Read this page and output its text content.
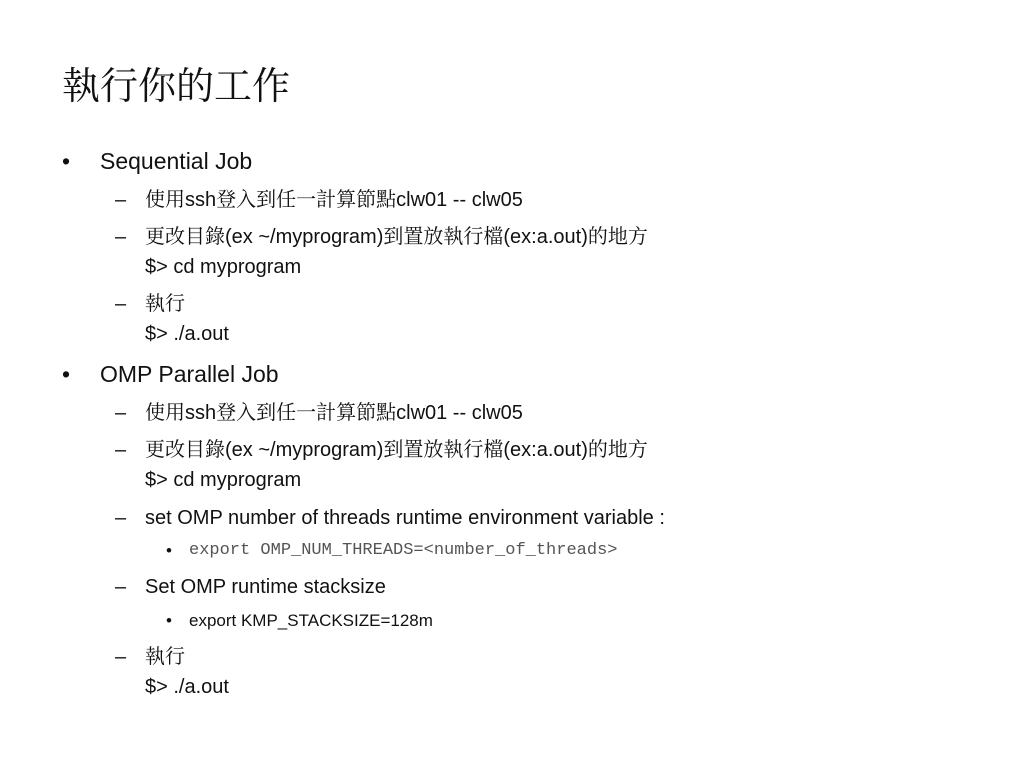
執行你的工作
• Sequential Job
– 使用ssh登入到任一計算節點clw01 -- clw05
– 更改目錄(ex ~/myprogram)到置放執行檔(ex:a.out)的地方
$> cd myprogram
– 執行
$> ./a.out
• OMP Parallel Job
– 使用ssh登入到任一計算節點clw01 -- clw05
– 更改目錄(ex ~/myprogram)到置放執行檔(ex:a.out)的地方
$> cd myprogram
– set OMP number of threads runtime environment variable :
• export OMP_NUM_THREADS=<number_of_threads>
– Set OMP runtime stacksize
• export KMP_STACKSIZE=128m
– 執行
$> ./a.out
